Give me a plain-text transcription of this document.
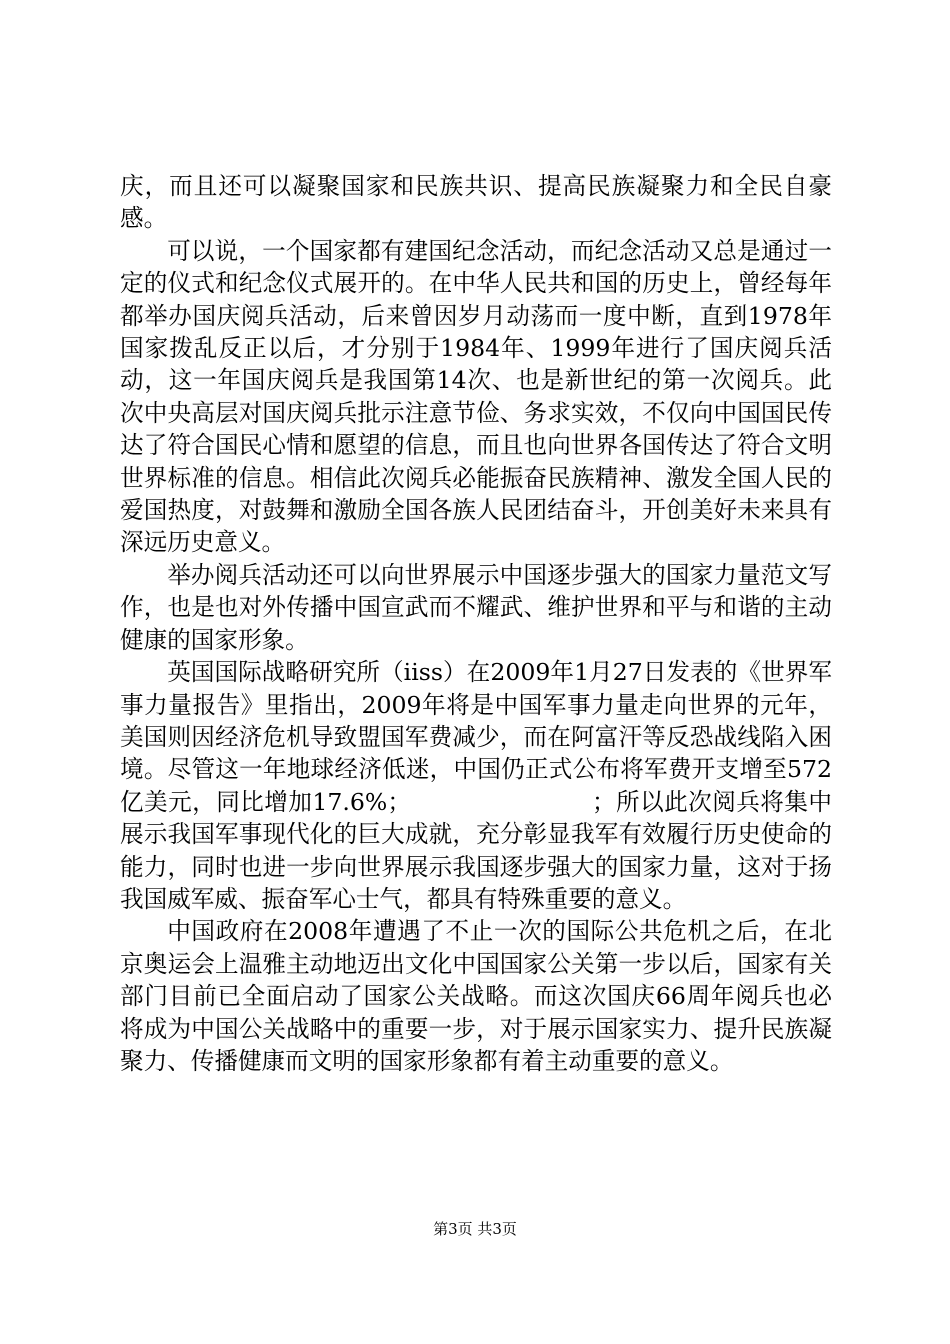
庆，而且还可以凝聚国家和民族共识、提高民族凝聚力和全民自豪感。

可以说，一个国家都有建国纪念活动，而纪念活动又总是通过一定的仪式和纪念仪式展开的。在中华人民共和国的历史上，曾经每年都举办国庆阅兵活动，后来曾因岁月动荡而一度中断，直到1978年国家拨乱反正以后，才分别于1984年、1999年进行了国庆阅兵活动，这一年国庆阅兵是我国第14次、也是新世纪的第一次阅兵。此次中央高层对国庆阅兵批示注意节俭、务求实效，不仅向中国国民传达了符合国民心情和愿望的信息，而且也向世界各国传达了符合文明世界标准的信息。相信此次阅兵必能振奋民族精神、激发全国人民的爱国热度，对鼓舞和激励全国各族人民团结奋斗，开创美好未来具有深远历史意义。

举办阅兵活动还可以向世界展示中国逐步强大的国家力量范文写作，也是也对外传播中国宣武而不耀武、维护世界和平与和谐的主动健康的国家形象。

英国国际战略研究所（iiss）在2009年1月27日发表的《世界军事力量报告》里指出，2009年将是中国军事力量走向世界的元年，美国则因经济危机导致盟国军费减少，而在阿富汗等反恐战线陷入困境。尽管这一年地球经济低迷，中国仍正式公布将军费开支增至572亿美元，同比增加17.6%；　　　　　　　　；所以此次阅兵将集中展示我国军事现代化的巨大成就，充分彰显我军有效履行历史使命的能力，同时也进一步向世界展示我国逐步强大的国家力量，这对于扬我国威军威、振奋军心士气，都具有特殊重要的意义。

中国政府在2008年遭遇了不止一次的国际公共危机之后，在北京奥运会上温雅主动地迈出文化中国国家公关第一步以后，国家有关部门目前已全面启动了国家公关战略。而这次国庆66周年阅兵也必将成为中国公关战略中的重要一步，对于展示国家实力、提升民族凝聚力、传播健康而文明的国家形象都有着主动重要的意义。

第3页 共3页
